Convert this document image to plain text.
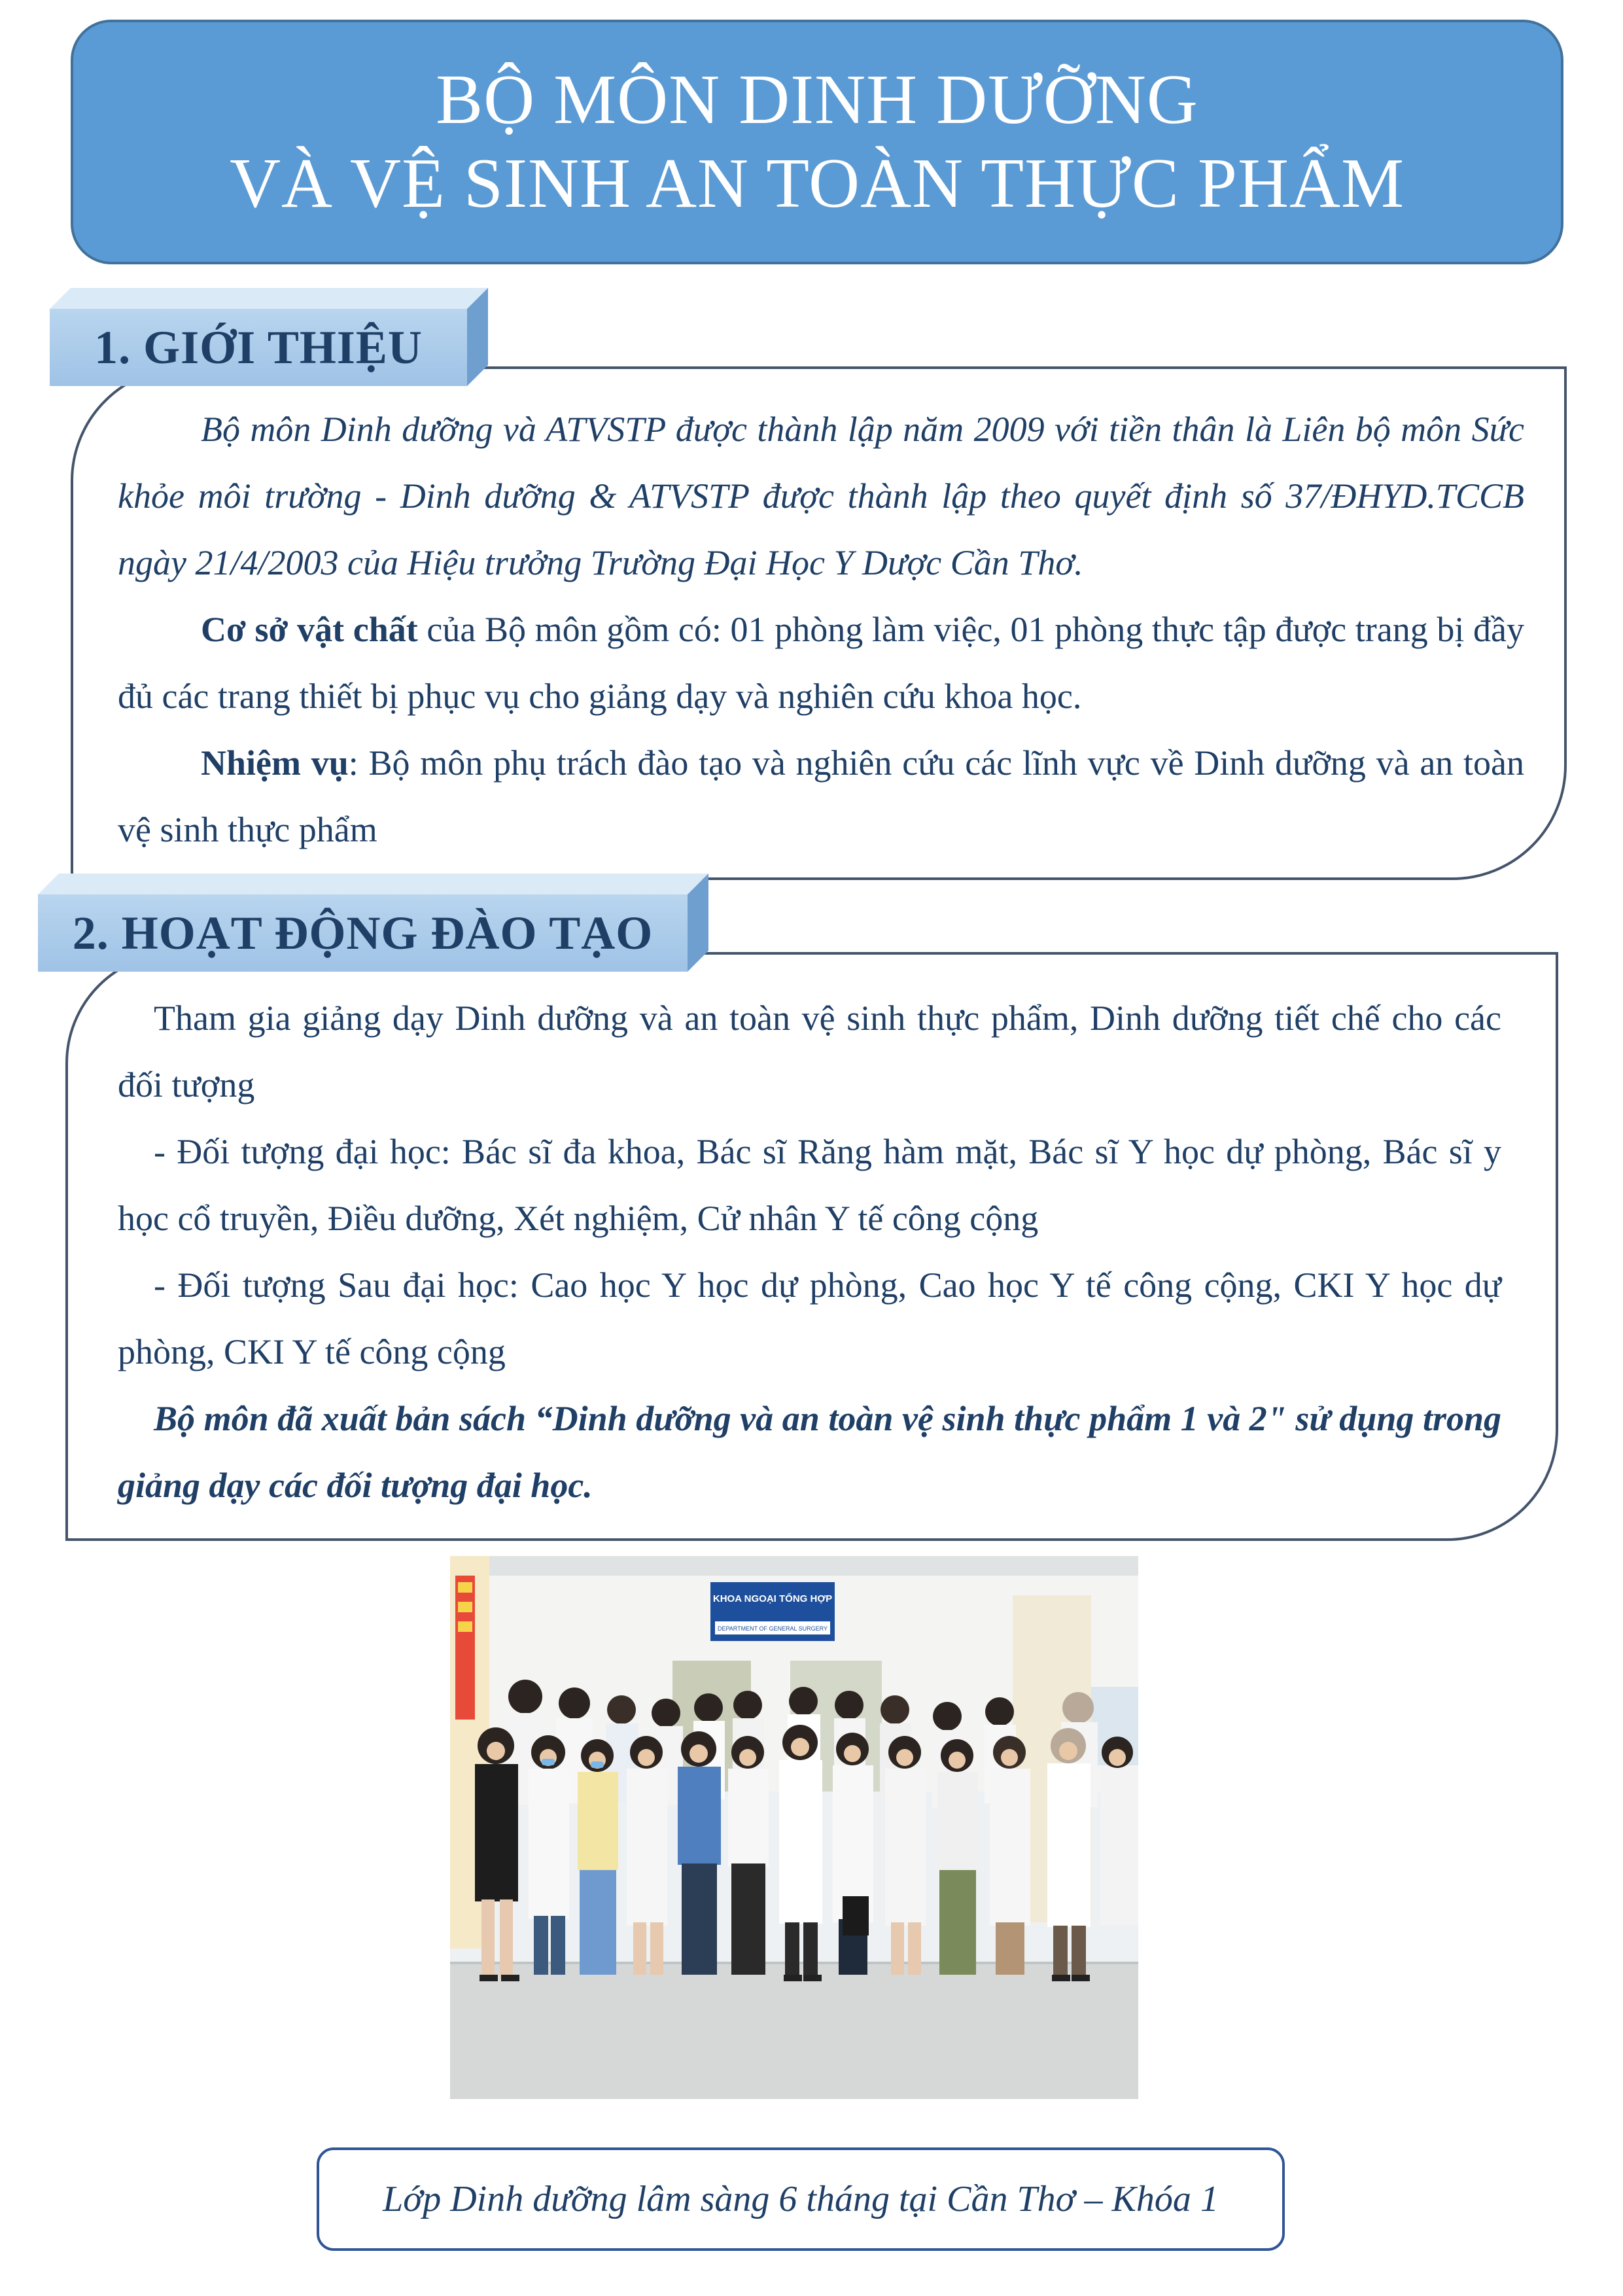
BỘ MÔN DINH DƯỠNG
VÀ VỆ SINH AN TOÀN THỰC PHẨM
1. GIỚI THIỆU

Bộ môn Dinh dưỡng và ATVSTP được thành lập năm 2009 với tiền thân là Liên bộ môn Sức khỏe môi trường - Dinh dưỡng & ATVSTP được thành lập theo quyết định số 37/ĐHYD.TCCB ngày 21/4/2003 của Hiệu trưởng Trường Đại Học Y Dược Cần Thơ.

Cơ sở vật chất của Bộ môn gồm có: 01 phòng làm việc, 01 phòng thực tập được trang bị đầy đủ các trang thiết bị phục vụ cho giảng dạy và nghiên cứu khoa học.

Nhiệm vụ: Bộ môn phụ trách đào tạo và nghiên cứu các lĩnh vực về Dinh dưỡng và an toàn vệ sinh thực phẩm

2. HOẠT ĐỘNG ĐÀO TẠO

Tham gia giảng dạy Dinh dưỡng và an toàn vệ sinh thực phẩm, Dinh dưỡng tiết chế cho các đối tượng

- Đối tượng đại học: Bác sĩ đa khoa, Bác sĩ Răng hàm mặt, Bác sĩ Y học dự phòng, Bác sĩ y học cổ truyền, Điều dưỡng, Xét nghiệm, Cử nhân Y tế công cộng

- Đối tượng Sau đại học: Cao học Y học dự phòng, Cao học Y tế công cộng, CKI Y học dự phòng, CKI Y tế công cộng

Bộ môn đã xuất bản sách “Dinh dưỡng và an toàn vệ sinh thực phẩm 1 và 2" sử dụng trong giảng dạy các đối tượng đại học.

KHOA NGOẠI TỔNG HỢP
DEPARTMENT OF GENERAL SURGERY
Lớp Dinh dưỡng lâm sàng 6 tháng tại Cần Thơ – Khóa 1
